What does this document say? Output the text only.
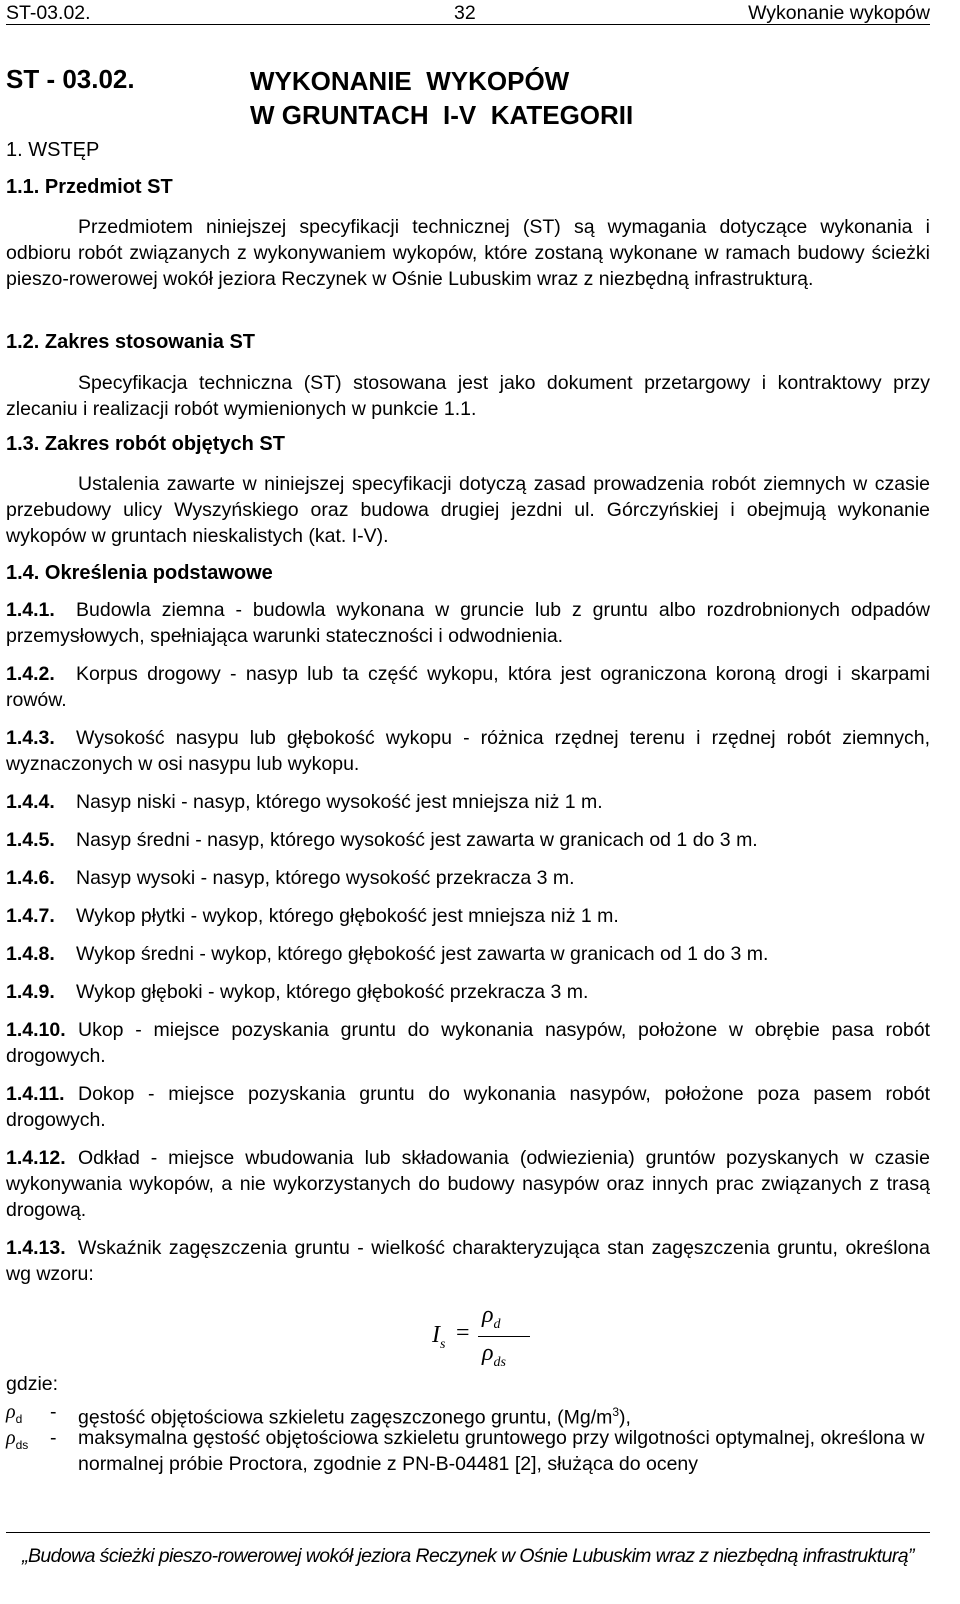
ST-03.02.	32	Wykonanie wykopów
ST - 03.02.	WYKONANIE  WYKOPÓW
W GRUNTACH  I-V  KATEGORII
1. WSTĘP
1.1. Przedmiot ST
Przedmiotem niniejszej specyfikacji technicznej (ST) są wymagania dotyczące wykonania i odbioru robót związanych z wykonywaniem wykopów, które zostaną wykonane w ramach budowy ścieżki pieszo-rowerowej wokół jeziora Reczynek w Ośnie Lubuskim wraz z niezbędną infrastrukturą.
1.2. Zakres stosowania ST
Specyfikacja techniczna (ST) stosowana jest jako dokument przetargowy i kontraktowy przy zlecaniu i realizacji robót wymienionych w punkcie 1.1.
1.3. Zakres robót objętych ST
Ustalenia zawarte w niniejszej specyfikacji dotyczą zasad prowadzenia robót ziemnych w czasie przebudowy ulicy Wyszyńskiego oraz budowa drugiej jezdni ul. Górczyńskiej i obejmują wykonanie wykopów w gruntach nieskalistych (kat. I-V).
1.4. Określenia podstawowe
1.4.1. Budowla ziemna - budowla wykonana w gruncie lub z gruntu albo rozdrobnionych odpadów przemysłowych, spełniająca warunki stateczności i odwodnienia.
1.4.2. Korpus drogowy - nasyp lub ta część wykopu, która jest ograniczona koroną drogi i skarpami rowów.
1.4.3. Wysokość nasypu lub głębokość wykopu - różnica rzędnej terenu i rzędnej robót ziemnych, wyznaczonych w osi nasypu lub wykopu.
1.4.4. Nasyp niski - nasyp, którego wysokość jest mniejsza niż 1 m.
1.4.5. Nasyp średni - nasyp, którego wysokość jest zawarta w granicach od 1 do 3 m.
1.4.6. Nasyp wysoki - nasyp, którego wysokość przekracza 3 m.
1.4.7. Wykop płytki - wykop, którego głębokość jest mniejsza niż 1 m.
1.4.8. Wykop średni - wykop, którego głębokość jest zawarta w granicach od 1 do 3 m.
1.4.9. Wykop głęboki - wykop, którego głębokość przekracza 3 m.
1.4.10. Ukop - miejsce pozyskania gruntu do wykonania nasypów, położone w obrębie pasa robót drogowych.
1.4.11. Dokop - miejsce pozyskania gruntu do wykonania nasypów, położone poza pasem robót drogowych.
1.4.12. Odkład - miejsce wbudowania lub składowania (odwiezienia) gruntów pozyskanych w czasie wykonywania wykopów, a nie wykorzystanych do budowy nasypów oraz innych prac związanych z trasą drogową.
1.4.13. Wskaźnik zagęszczenia gruntu - wielkość charakteryzująca stan zagęszczenia gruntu, określona wg wzoru:
$I_s$ =
$\rho_d$
$\rho_{ds}$
gdzie:
$\rho_d$ - gęstość objętościowa szkieletu zagęszczonego gruntu, $(Mg/m^3)$,
$\rho_{ds}$ - maksymalna gęstość objętościowa szkieletu gruntowego przy wilgotności optymalnej, określona w normalnej próbie Proctora, zgodnie z PN-B-04481 [2], służąca do oceny
„Budowa ścieżki pieszo-rowerowej wokół jeziora Reczynek w Ośnie Lubuskim wraz z niezbędną infrastrukturą”
